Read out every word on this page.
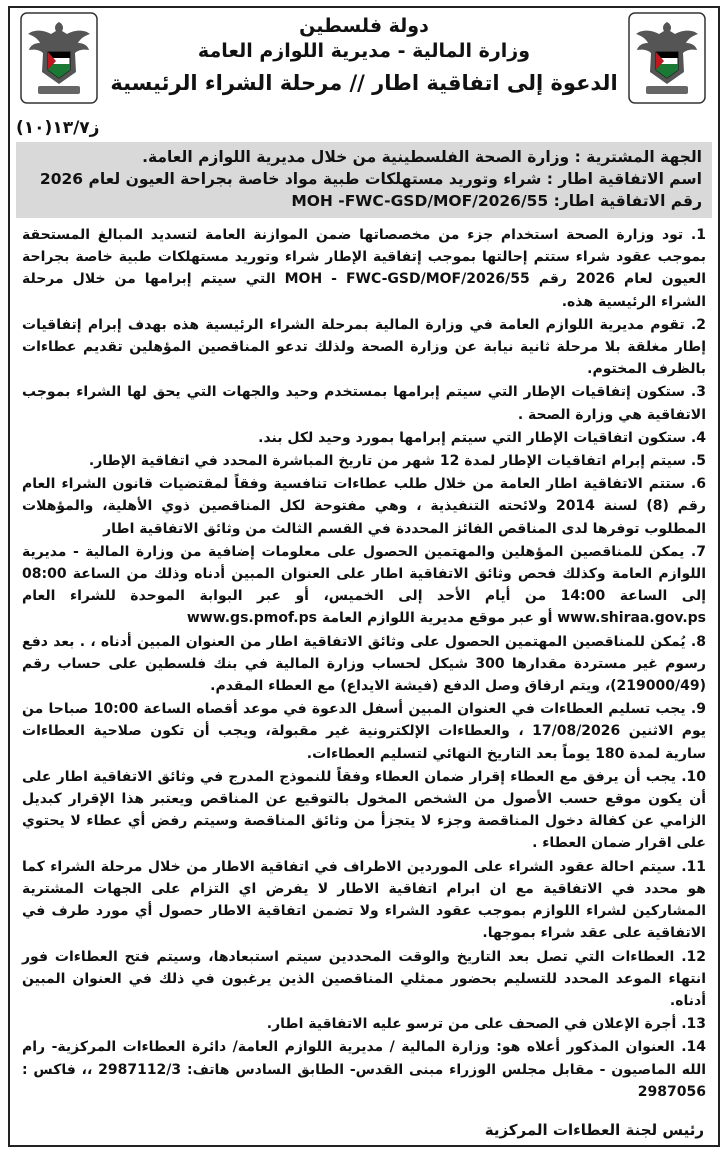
دولة فلسطين
وزارة المالية - مديرية اللوازم العامة
الدعوة إلى اتفاقية اطار // مرحلة الشراء الرئيسية
ز١٣/٧(١٠)
الجهة المشترية : وزارة الصحة الفلسطينية من خلال مديرية اللوازم العامة.
اسم الاتفاقية اطار : شراء وتوريد مستهلكات طبية مواد خاصة بجراحة العيون لعام 2026
رقم الاتفاقية اطار: MOH -FWC-GSD/MOF/2026/55

1. تود وزارة الصحة استخدام جزء من مخصصاتها ضمن الموازنة العامة لتسديد المبالغ المستحقة بموجب عقود شراء ستتم إحالتها بموجب إتفاقية الإطار شراء وتوريد مستهلكات طبية خاصة بجراحة العيون لعام 2026 رقم MOH - FWC-GSD/MOF/2026/55 التي سيتم إبرامها من خلال مرحلة الشراء الرئيسية هذه.

2. تقوم مديرية اللوازم العامة في وزارة المالية بمرحلة الشراء الرئيسية هذه بهدف إبرام إتفاقيات إطار مغلقة بلا مرحلة ثانية نيابة عن وزارة الصحة ولذلك تدعو المناقصين المؤهلين تقديم عطاءات بالظرف المختوم.

3. ستكون إتفاقيات الإطار التي سيتم إبرامها بمستخدم وحيد والجهات التي يحق لها الشراء بموجب الاتفاقية هي وزارة الصحة .

4. ستكون اتفاقيات الإطار التي سيتم إبرامها بمورد وحيد لكل بند.

5. سيتم إبرام اتفاقيات الإطار لمدة 12 شهر من تاريخ المباشرة المحدد في اتفاقية الإطار.

6. ستتم الاتفاقية اطار العامة من خلال طلب عطاءات تنافسية وفقاً لمقتضيات قانون الشراء العام رقم (8) لسنة 2014 ولائحته التنفيذية ، وهي مفتوحة لكل المناقصين ذوي الأهلية، والمؤهلات المطلوب توفرها لدى المناقص الفائز المحددة في القسم الثالث من وثائق الاتفاقية اطار

7. يمكن للمناقصين المؤهلين والمهتمين الحصول على معلومات إضافية من وزارة المالية - مديرية اللوازم العامة وكذلك فحص وثائق الاتفاقية اطار على العنوان المبين أدناه وذلك من الساعة 08:00 إلى الساعة 14:00 من أيام الأحد إلى الخميس، أو عبر البوابة الموحدة للشراء العام www.shiraa.gov.ps أو عبر موقع مديرية اللوازم العامة www.gs.pmof.ps

8. يُمكن للمناقصين المهتمين الحصول على وثائق الاتفاقية اطار من العنوان المبين أدناه ، . بعد دفع رسوم غير مستردة مقدارها 300 شيكل لحساب وزارة المالية في بنك فلسطين على حساب رقم (219000/49)، ويتم ارفاق وصل الدفع (فيشة الايداع) مع العطاء المقدم.

9. يجب تسليم العطاءات في العنوان المبين أسفل الدعوة في موعد أقصاه الساعة 10:00 صباحا من يوم الاثنين 17/08/2026 ، والعطاءات الإلكترونية غير مقبولة، ويجب أن تكون صلاحية العطاءات سارية لمدة 180 يوماً بعد التاريخ النهائي لتسليم العطاءات.

10. يجب أن يرفق مع العطاء إقرار ضمان العطاء وفقاً للنموذج المدرج في وثائق الاتفاقية اطار على أن يكون موقع حسب الأصول من الشخص المخول بالتوقيع عن المناقص ويعتبر هذا الإقرار كبديل الزامي عن كفالة دخول المناقصة وجزء لا يتجزأ من وثائق المناقصة وسيتم رفض أي عطاء لا يحتوي على اقرار ضمان العطاء .

11. سيتم احالة عقود الشراء على الموردين الاطراف في اتفاقية الاطار من خلال مرحلة الشراء كما هو محدد في الاتفاقية مع ان ابرام اتفاقية الاطار لا يفرض اي التزام على الجهات المشترية المشاركين لشراء اللوازم بموجب عقود الشراء ولا تضمن اتفاقية الاطار حصول أي مورد طرف في الاتفاقية على عقد شراء بموجها.

12. العطاءات التي تصل بعد التاريخ والوقت المحددين سيتم استبعادها، وسيتم فتح العطاءات فور انتهاء الموعد المحدد للتسليم بحضور ممثلي المناقصين الذين يرغبون في ذلك في العنوان المبين أدناه.

13. أجرة الإعلان في الصحف على من ترسو عليه الاتفاقية اطار.

14. العنوان المذكور أعلاه هو: وزارة المالية / مديرية اللوازم العامة/ دائرة العطاءات المركزية- رام الله الماصيون - مقابل مجلس الوزراء مبنى القدس- الطابق السادس هاتف: 2987112/3 ،، فاكس : 2987056

رئيس لجنة العطاءات المركزية
